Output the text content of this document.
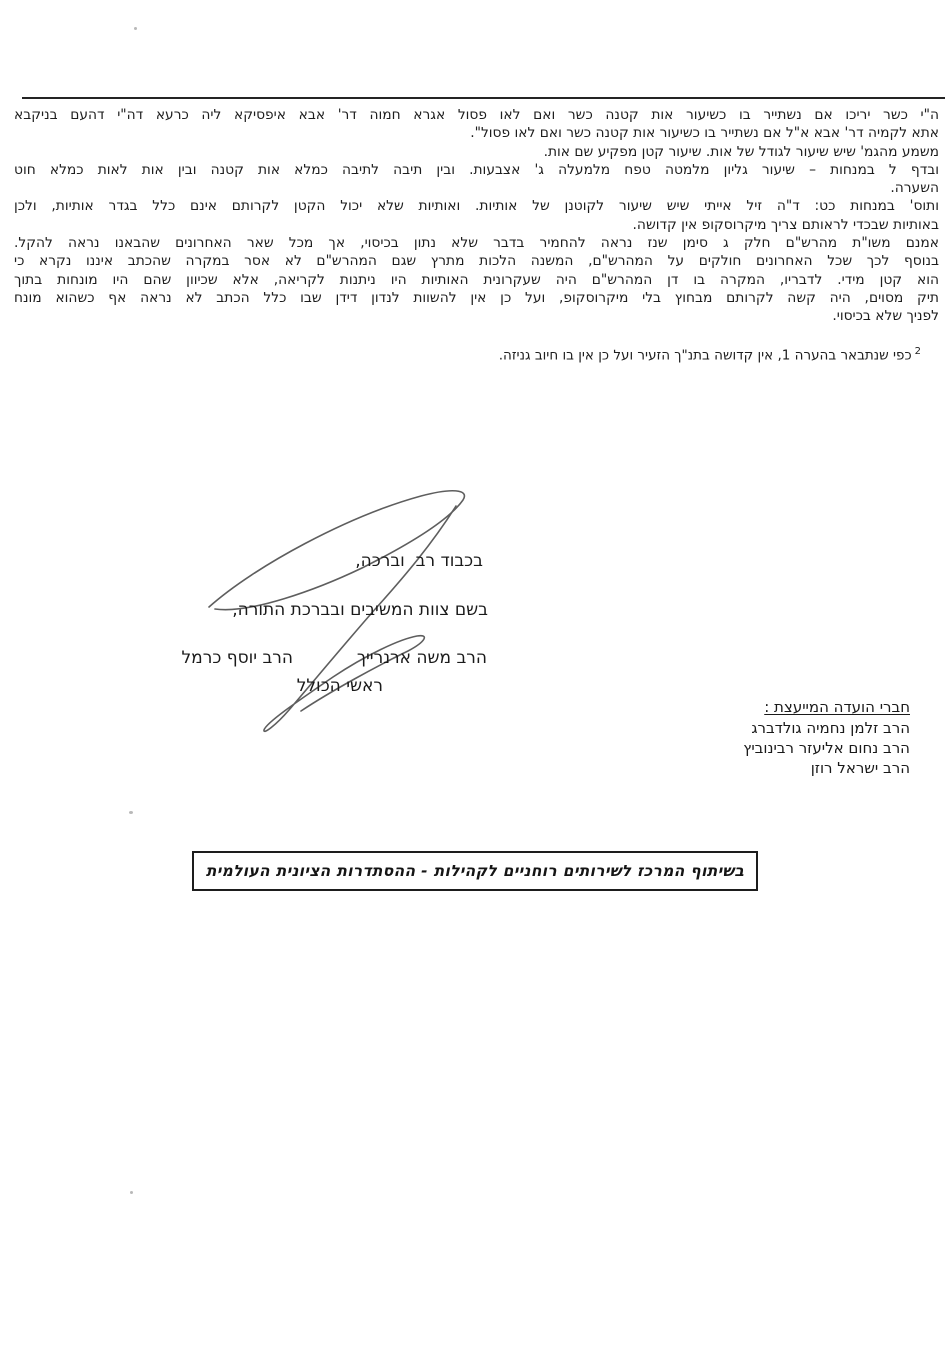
ה"י כשר יריכו אם נשתייר בו כשיעור אות קטנה כשר ואם לאו פסול אגרא חמוה דר' אבא איפסיקא ליה כרעא דה"י דהעם בניקבא
אתא לקמיה דר' אבא א"ל אם נשתייר בו כשיעור אות קטנה כשר ואם לאו פסול".
משמע מהגמ' שיש שיעור לגודל של אות. שיעור קטן מפקיע שם אות.
ובדף ל במנחות – שיעור גליון מלמטה טפח מלמעלה ג' אצבעות. ובין תיבה לתיבה כמלא אות קטנה ובין אות לאות כמלא חוט
השערה.
ותוס' במנחות כט: ד"ה זיל אייתי שיש שיעור לקוטנן של אותיות. ואותיות שלא יכול הקטן לקרותם אינם כלל בגדר אותיות, ולכן
באותיות שבכדי לראותם צריך מיקרוסקופ אין קדושה.
אמנם משו"ת מהרש"ם חלק ג סימן שנז נראה להחמיר בדבר שלא נתון בכיסוי, אך מכל שאר האחרונים שהבאנו נראה להקל.
בנוסף לכך שכל האחרונים חולקים על המהרש"ם, המשנה הלכות מתרץ שגם המהרש"ם לא אסר במקרה שהכתב איננו נקרא כי
הוא קטן מידי. לדבריו, המקרה בו דן המהרש"ם היה שעקרונית האותיות היו ניתנות לקריאה, אלא שכיוון שהם היו מונחות בתוך
תיק מסוים, היה קשה לקרותם מבחוץ בלי מיקרוסקופ, ועל כן אין להשוות לנדון דידן שבו כלל הכתב לא נראה אף כשהוא מונח
לפניך שלא בכיסוי.
$^2$כפי שנתבאר בהערה 1, אין קדושה בתנ"ך הזעיר ועל כן אין בו חיוב גניזה.
בכבוד רב  וברכה,
בשם צוות המשיבים ובברכת התורה,
הרב משה ארנרייך
הרב יוסף כרמל
ראשי הכולל
חברי הועדה המייעצת :
הרב זלמן נחמיה גולדברג
הרב נחום אליעזר רבינוביץ
הרב ישראל רוזן
בשיתוף המרכז לשירותים רוחניים לקהילות - ההסתדרות הציונית העולמית
